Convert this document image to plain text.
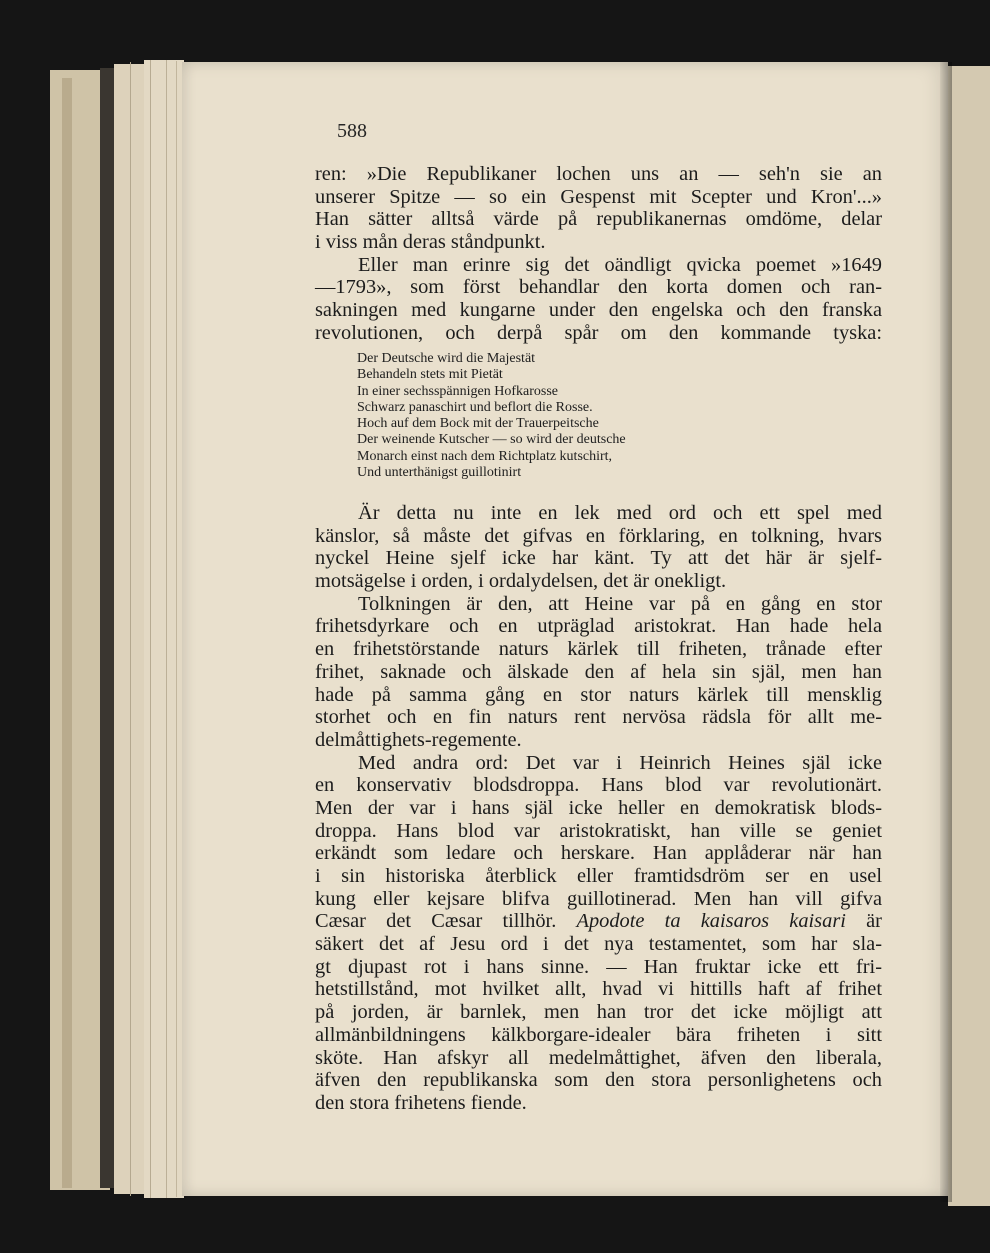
588
ren: »Die Republikaner lochen uns an — seh'n sie an
unserer Spitze — so ein Gespenst mit Scepter und Kron'...»
Han sätter alltså värde på republikanernas omdöme, delar
i viss mån deras ståndpunkt.
Eller man erinre sig det oändligt qvicka poemet »1649
—1793», som först behandlar den korta domen och ran-
sakningen med kungarne under den engelska och den franska
revolutionen, och derpå spår om den kommande tyska:
Der Deutsche wird die Majestät
Behandeln stets mit Pietät
In einer sechsspännigen Hofkarosse
Schwarz panaschirt und beflort die Rosse.
Hoch auf dem Bock mit der Trauerpeitsche
Der weinende Kutscher — so wird der deutsche
Monarch einst nach dem Richtplatz kutschirt,
Und unterthänigst guillotinirt
Är detta nu inte en lek med ord och ett spel med
känslor, så måste det gifvas en förklaring, en tolkning, hvars
nyckel Heine sjelf icke har känt. Ty att det här är sjelf-
motsägelse i orden, i ordalydelsen, det är onekligt.
Tolkningen är den, att Heine var på en gång en stor
frihetsdyrkare och en utpräglad aristokrat. Han hade hela
en frihetstörstande naturs kärlek till friheten, trånade efter
frihet, saknade och älskade den af hela sin själ, men han
hade på samma gång en stor naturs kärlek till mensklig
storhet och en fin naturs rent nervösa rädsla för allt me-
delmåttighets-regemente.
Med andra ord: Det var i Heinrich Heines själ icke
en konservativ blodsdroppa. Hans blod var revolutionärt.
Men der var i hans själ icke heller en demokratisk blods-
droppa. Hans blod var aristokratiskt, han ville se geniet
erkändt som ledare och herskare. Han applåderar när han
i sin historiska återblick eller framtidsdröm ser en usel
kung eller kejsare blifva guillotinerad. Men han vill gifva
Cæsar det Cæsar tillhör. Apodote ta kaisaros kaisari är
säkert det af Jesu ord i det nya testamentet, som har sla-
gt djupast rot i hans sinne. — Han fruktar icke ett fri-
hetstillstånd, mot hvilket allt, hvad vi hittills haft af frihet
på jorden, är barnlek, men han tror det icke möjligt att
allmänbildningens kälkborgare-idealer bära friheten i sitt
sköte. Han afskyr all medelmåttighet, äfven den liberala,
äfven den republikanska som den stora personlighetens och
den stora frihetens fiende.
